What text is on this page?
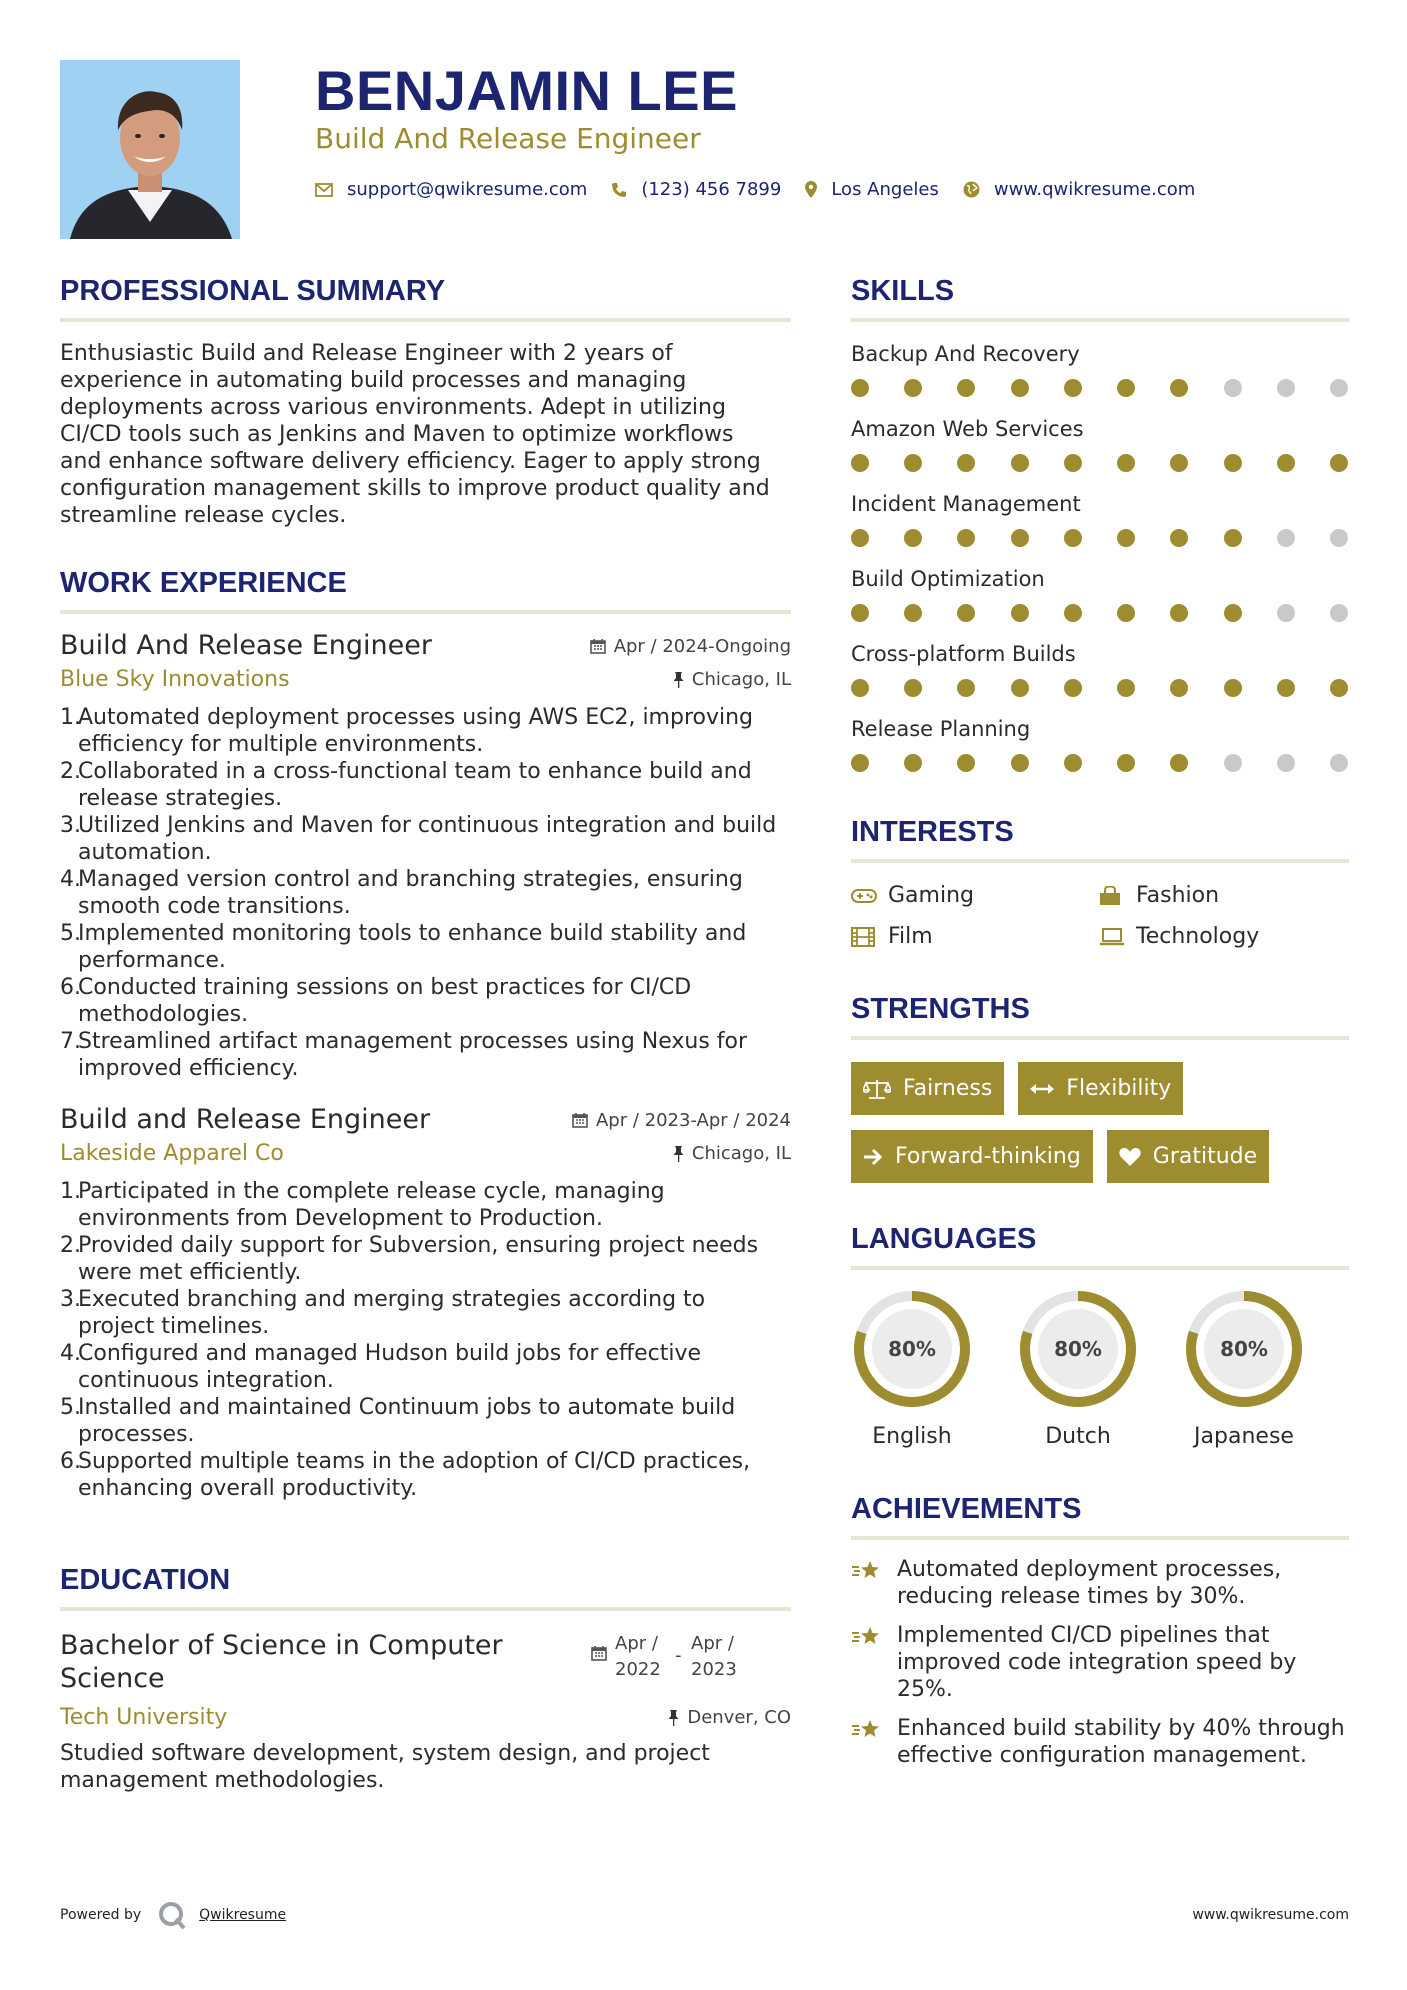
BENJAMIN LEE
Build And Release Engineer
support@qwikresume.com	(123) 456 7899	Los Angeles	www.qwikresume.com
PROFESSIONAL SUMMARY
Enthusiastic Build and Release Engineer with 2 years of
experience in automating build processes and managing
deployments across various environments. Adept in utilizing
CI/CD tools such as Jenkins and Maven to optimize workflows
and enhance software delivery efficiency. Eager to apply strong
configuration management skills to improve product quality and
streamline release cycles.
WORK EXPERIENCE
Build And Release Engineer	Apr / 2024-Ongoing
Blue Sky Innovations	Chicago, IL
1.
Automated deployment processes using AWS EC2, improving
efficiency for multiple environments.
2.
Collaborated in a cross-functional team to enhance build and
release strategies.
3.
Utilized Jenkins and Maven for continuous integration and build
automation.
4.
Managed version control and branching strategies, ensuring
smooth code transitions.
5.
Implemented monitoring tools to enhance build stability and
performance.
6.
Conducted training sessions on best practices for CI/CD
methodologies.
7.
Streamlined artifact management processes using Nexus for
improved efficiency.
Build and Release Engineer	Apr / 2023-Apr / 2024
Lakeside Apparel Co	Chicago, IL
1.
Participated in the complete release cycle, managing
environments from Development to Production.
2.
Provided daily support for Subversion, ensuring project needs
were met efficiently.
3.
Executed branching and merging strategies according to
project timelines.
4.
Configured and managed Hudson build jobs for effective
continuous integration.
5.
Installed and maintained Continuum jobs to automate build
processes.
6.
Supported multiple teams in the adoption of CI/CD practices,
enhancing overall productivity.
EDUCATION
Bachelor of Science in Computer
Science
Apr /
2022
-
Apr /
2023
Tech University	Denver, CO
Studied software development, system design, and project
management methodologies.
SKILLS
Backup And Recovery
Amazon Web Services
Incident Management
Build Optimization
Cross-platform Builds
Release Planning
INTERESTS
Gaming	Fashion
Film	Technology
STRENGTHS
Fairness	Flexibility
Forward-thinking	Gratitude
LANGUAGES
80%
English
80%
Dutch
80%
Japanese
ACHIEVEMENTS
Automated deployment processes,
reducing release times by 30%.
Implemented CI/CD pipelines that
improved code integration speed by
25%.
Enhanced build stability by 40% through
effective configuration management.
Powered by	Qwikresume	www.qwikresume.com
